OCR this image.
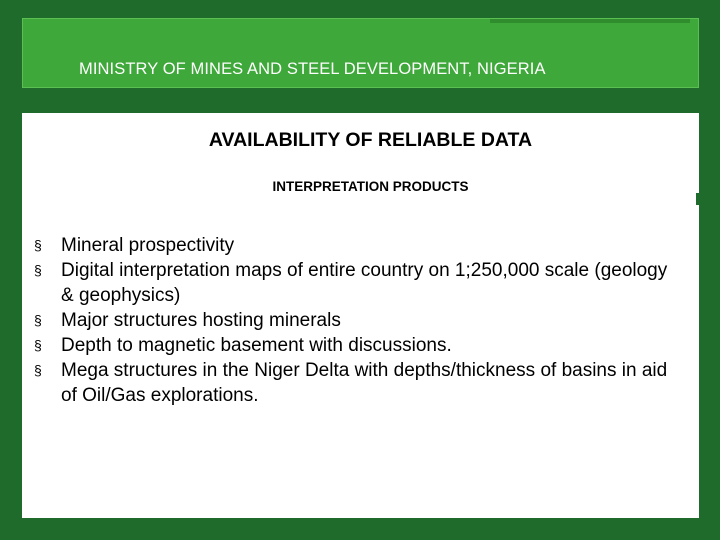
MINISTRY OF MINES AND STEEL DEVELOPMENT, NIGERIA
AVAILABILITY OF RELIABLE DATA
INTERPRETATION PRODUCTS
§ Mineral prospectivity
§ Digital interpretation maps of entire country on 1;250,000 scale (geology & geophysics)
§ Major structures hosting minerals
§ Depth to magnetic basement with discussions.
§ Mega structures in the Niger Delta with depths/thickness of basins in aid of Oil/Gas explorations.
